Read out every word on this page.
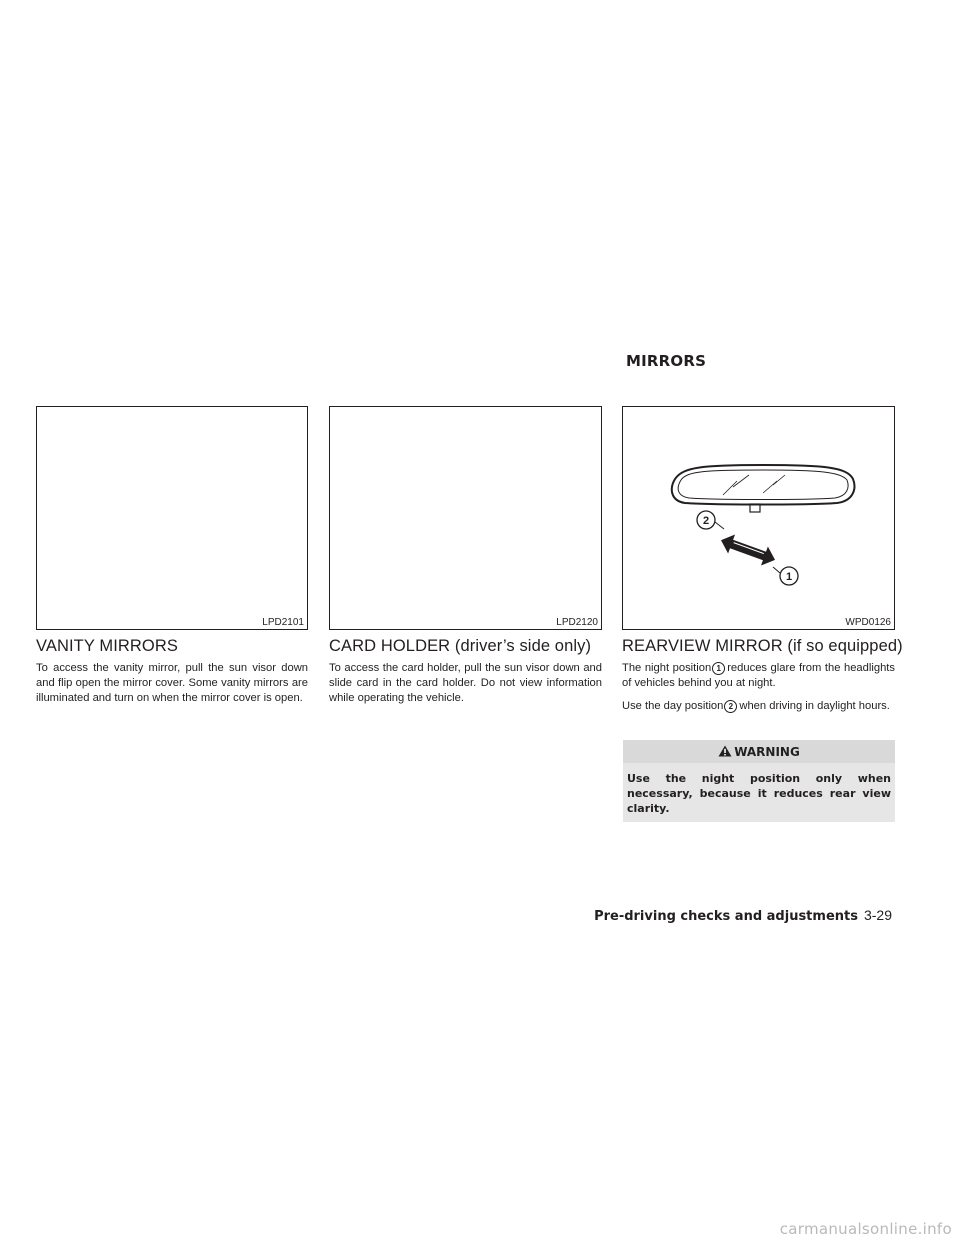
MIRRORS
LPD2101
VANITY MIRRORS

To access the vanity mirror, pull the sun visor down and flip open the mirror cover. Some vanity mirrors are illuminated and turn on when the mirror cover is open.

LPD2120
CARD HOLDER (driver’s side only)

To access the card holder, pull the sun visor down and slide card in the card holder. Do not view information while operating the vehicle.

2
1
WPD0126
REARVIEW MIRROR (if so equipped)

The night position 1 reduces glare from the headlights of vehicles behind you at night.

Use the day position 2 when driving in daylight hours.

WARNING
Use the night position only when necessary, because it reduces rear view clarity.
Pre-driving checks and adjustments 3-29
carmanualsonline.info
